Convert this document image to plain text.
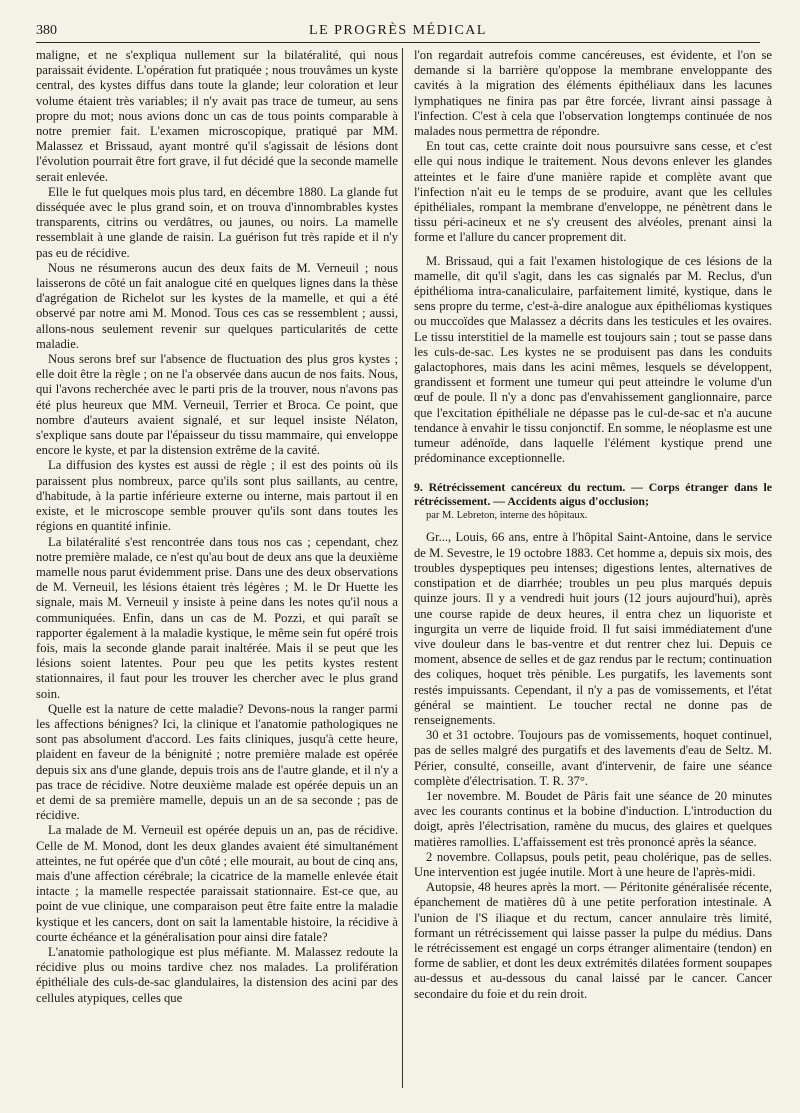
380	LE PROGRÈS MÉDICAL

maligne, et ne s'expliqua nullement sur la bilatéralité, qui nous paraissait évidente. L'opération fut pratiquée ; nous trouvâmes un kyste central, des kystes diffus dans toute la glande; leur coloration et leur volume étaient très variables; il n'y avait pas trace de tumeur, au sens propre du mot; nous avions donc un cas de tous points comparable à notre premier fait. L'examen microscopique, pratiqué par MM. Malassez et Brissaud, ayant montré qu'il s'agissait de lésions dont l'évolution pourrait être fort grave, il fut décidé que la seconde mamelle serait enlevée.

Elle le fut quelques mois plus tard, en décembre 1880. La glande fut disséquée avec le plus grand soin, et on trouva d'innombrables kystes transparents, citrins ou verdâtres, ou jaunes, ou noirs. La mamelle ressemblait à une glande de raisin. La guérison fut très rapide et il n'y pas eu de récidive.

Nous ne résumerons aucun des deux faits de M. Verneuil ; nous laisserons de côté un fait analogue cité en quelques lignes dans la thèse d'agrégation de Richelot sur les kystes de la mamelle, et qui a été observé par notre ami M. Monod. Tous ces cas se ressemblent ; aussi, allons-nous seulement revenir sur quelques particularités de cette maladie.

Nous serons bref sur l'absence de fluctuation des plus gros kystes ; elle doit être la règle ; on ne l'a observée dans aucun de nos faits. Nous, qui l'avons recherchée avec le parti pris de la trouver, nous n'avons pas été plus heureux que MM. Verneuil, Terrier et Broca. Ce point, que nombre d'auteurs avaient signalé, et sur lequel insiste Nélaton, s'explique sans doute par l'épaisseur du tissu mammaire, qui enveloppe encore le kyste, et par la distension extrême de la cavité.

La diffusion des kystes est aussi de règle ; il est des points où ils paraissent plus nombreux, parce qu'ils sont plus saillants, au centre, d'habitude, à la partie inférieure externe ou interne, mais partout il en existe, et le microscope semble prouver qu'ils sont dans toutes les régions en quantité infinie.

La bilatéralité s'est rencontrée dans tous nos cas ; cependant, chez notre première malade, ce n'est qu'au bout de deux ans que la deuxième mamelle nous parut évidemment prise. Dans une des deux observations de M. Verneuil, les lésions étaient très légères ; M. le Dr Huette les signale, mais M. Verneuil y insiste à peine dans les notes qu'il nous a communiquées. Enfin, dans un cas de M. Pozzi, et qui paraît se rapporter également à la maladie kystique, le même sein fut opéré trois fois, mais la seconde glande parait inaltérée. Mais il se peut que les lésions soient latentes. Pour peu que les petits kystes restent stationnaires, il faut pour les trouver les chercher avec le plus grand soin.

Quelle est la nature de cette maladie? Devons-nous la ranger parmi les affections bénignes? Ici, la clinique et l'anatomie pathologiques ne sont pas absolument d'accord. Les faits cliniques, jusqu'à cette heure, plaident en faveur de la bénignité ; notre première malade est opérée depuis six ans d'une glande, depuis trois ans de l'autre glande, et il n'y a pas trace de récidive. Notre deuxième malade est opérée depuis un an et demi de sa première mamelle, depuis un an de sa seconde ; pas de récidive.

La malade de M. Verneuil est opérée depuis un an, pas de récidive. Celle de M. Monod, dont les deux glandes avaient été simultanément atteintes, ne fut opérée que d'un côté ; elle mourait, au bout de cinq ans, mais d'une affection cérébrale; la cicatrice de la mamelle enlevée était intacte ; la mamelle respectée paraissait stationnaire. Est-ce que, au point de vue clinique, une comparaison peut être faite entre la maladie kystique et les cancers, dont on sait la lamentable histoire, la récidive à courte échéance et la généralisation pour ainsi dire fatale?

L'anatomie pathologique est plus méfiante. M. Malassez redoute la récidive plus ou moins tardive chez nos malades. La prolifération épithéliale des culs-de-sac glandulaires, la distension des acini par des cellules atypiques, celles que

l'on regardait autrefois comme cancéreuses, est évidente, et l'on se demande si la barrière qu'oppose la membrane enveloppante des cavités à la migration des éléments épithéliaux dans les lacunes lymphatiques ne finira pas par être forcée, livrant ainsi passage à l'infection. C'est à cela que l'observation longtemps continuée de nos malades nous permettra de répondre.

En tout cas, cette crainte doit nous poursuivre sans cesse, et c'est elle qui nous indique le traitement. Nous devons enlever les glandes atteintes et le faire d'une manière rapide et complète avant que l'infection n'ait eu le temps de se produire, avant que les cellules épithéliales, rompant la membrane d'enveloppe, ne pénètrent dans le tissu péri-acineux et ne s'y creusent des alvéoles, prenant ainsi la forme et l'allure du cancer proprement dit.

M. Brissaud, qui a fait l'examen histologique de ces lésions de la mamelle, dit qu'il s'agit, dans les cas signalés par M. Reclus, d'un épithélioma intra-canaliculaire, parfaitement limité, kystique, dans le sens propre du terme, c'est-à-dire analogue aux épithéliomas kystiques ou muccoïdes que Malassez a décrits dans les testicules et les ovaires. Le tissu interstitiel de la mamelle est toujours sain ; tout se passe dans les culs-de-sac. Les kystes ne se produisent pas dans les conduits galactophores, mais dans les acini mêmes, lesquels se développent, grandissent et forment une tumeur qui peut atteindre le volume d'un œuf de poule. Il n'y a donc pas d'envahissement ganglionnaire, parce que l'excitation épithéliale ne dépasse pas le cul-de-sac et n'a aucune tendance à envahir le tissu conjonctif. En somme, le néoplasme est une tumeur adénoïde, dans laquelle l'élément kystique prend une prédominance exceptionnelle.

9. Rétrécissement cancéreux du rectum. — Corps étranger dans le rétrécissement. — Accidents aigus d'occlusion;
par M. Lebreton, interne des hôpitaux.

Gr..., Louis, 66 ans, entre à l'hôpital Saint-Antoine, dans le service de M. Sevestre, le 19 octobre 1883. Cet homme a, depuis six mois, des troubles dyspeptiques peu intenses; digestions lentes, alternatives de constipation et de diarrhée; troubles un peu plus marqués depuis quinze jours. Il y a vendredi huit jours (12 jours aujourd'hui), après une course rapide de deux heures, il entra chez un liquoriste et ingurgita un verre de liquide froid. Il fut saisi immédiatement d'une vive douleur dans le bas-ventre et dut rentrer chez lui. Depuis ce moment, absence de selles et de gaz rendus par le rectum; continuation des coliques, hoquet très pénible. Les purgatifs, les lavements sont restés impuissants. Cependant, il n'y a pas de vomissements, et l'état général se maintient. Le toucher rectal ne donne pas de renseignements.

30 et 31 octobre. Toujours pas de vomissements, hoquet continuel, pas de selles malgré des purgatifs et des lavements d'eau de Seltz. M. Périer, consulté, conseille, avant d'intervenir, de faire une séance complète d'électrisation. T. R. 37°.

1er novembre. M. Boudet de Pâris fait une séance de 20 minutes avec les courants continus et la bobine d'induction. L'introduction du doigt, après l'électrisation, ramène du mucus, des glaires et quelques matières ramollies. L'affaissement est très prononcé après la séance.

2 novembre. Collapsus, pouls petit, peau cholérique, pas de selles. Une intervention est jugée inutile. Mort à une heure de l'après-midi.

Autopsie, 48 heures après la mort. — Péritonite généralisée récente, épanchement de matières dû à une petite perforation intestinale. A l'union de l'S iliaque et du rectum, cancer annulaire très limité, formant un rétrécissement qui laisse passer la pulpe du médius. Dans le rétrécissement est engagé un corps étranger alimentaire (tendon) en forme de sablier, et dont les deux extrémités dilatées forment soupapes au-dessus et au-dessous du canal laissé par le cancer. Cancer secondaire du foie et du rein droit.
